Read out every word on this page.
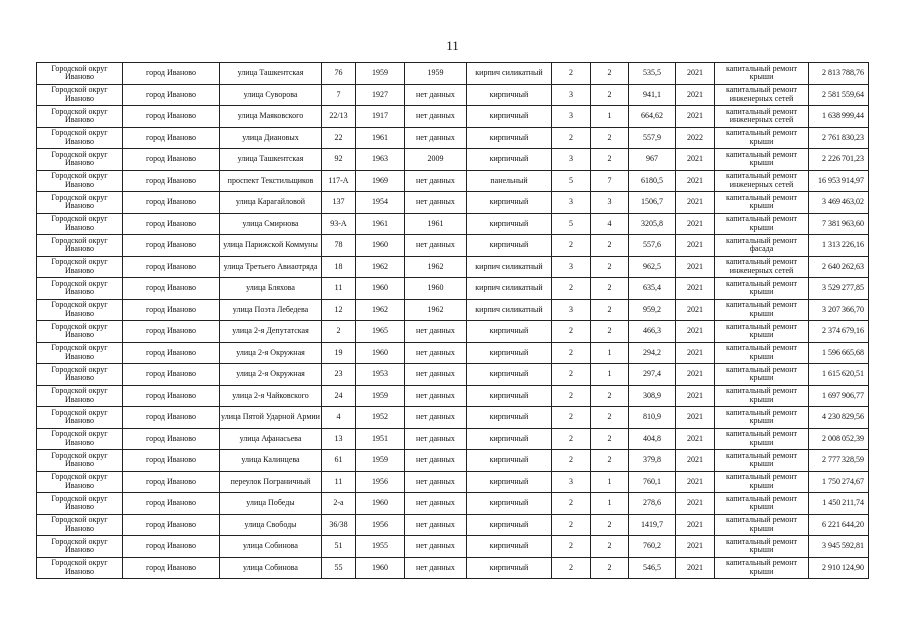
11
Городской округ Иваново	город Иваново	улица Ташкентская	76	1959	1959	кирпич силикатный	2	2	535,5	2021	капитальный ремонт крыши	2 813 788,76
Городской округ Иваново	город Иваново	улица Суворова	7	1927	нет данных	кирпичный	3	2	941,1	2021	капитальный ремонт инженерных сетей	2 581 559,64
Городской округ Иваново	город Иваново	улица Маяковского	22/13	1917	нет данных	кирпичный	3	1	664,62	2021	капитальный ремонт инженерных сетей	1 638 999,44
Городской округ Иваново	город Иваново	улица Диановых	22	1961	нет данных	кирпичный	2	2	557,9	2022	капитальный ремонт крыши	2 761 830,23
Городской округ Иваново	город Иваново	улица Ташкентская	92	1963	2009	кирпичный	3	2	967	2021	капитальный ремонт крыши	2 226 701,23
Городской округ Иваново	город Иваново	проспект Текстильщиков	117-А	1969	нет данных	панельный	5	7	6180,5	2021	капитальный ремонт инженерных сетей	16 953 914,97
Городской округ Иваново	город Иваново	улица Карагайловой	137	1954	нет данных	кирпичный	3	3	1506,7	2021	капитальный ремонт крыши	3 469 463,02
Городской округ Иваново	город Иваново	улица Смирнова	93-А	1961	1961	кирпичный	5	4	3205,8	2021	капитальный ремонт крыши	7 381 963,60
Городской округ Иваново	город Иваново	улица Парижской Коммуны	78	1960	нет данных	кирпичный	2	2	557,6	2021	капитальный ремонт фасада	1 313 226,16
Городской округ Иваново	город Иваново	улица Третьего Авиаотряда	18	1962	1962	кирпич силикатный	3	2	962,5	2021	капитальный ремонт инженерных сетей	2 640 262,63
Городской округ Иваново	город Иваново	улица Бляхова	11	1960	1960	кирпич силикатный	2	2	635,4	2021	капитальный ремонт крыши	3 529 277,85
Городской округ Иваново	город Иваново	улица Поэта Лебедева	12	1962	1962	кирпич силикатный	3	2	959,2	2021	капитальный ремонт крыши	3 207 366,70
Городской округ Иваново	город Иваново	улица 2-я Депутатская	2	1965	нет данных	кирпичный	2	2	466,3	2021	капитальный ремонт крыши	2 374 679,16
Городской округ Иваново	город Иваново	улица 2-я Окружная	19	1960	нет данных	кирпичный	2	1	294,2	2021	капитальный ремонт крыши	1 596 665,68
Городской округ Иваново	город Иваново	улица 2-я Окружная	23	1953	нет данных	кирпичный	2	1	297,4	2021	капитальный ремонт крыши	1 615 620,51
Городской округ Иваново	город Иваново	улица 2-я Чайковского	24	1959	нет данных	кирпичный	2	2	308,9	2021	капитальный ремонт крыши	1 697 906,77
Городской округ Иваново	город Иваново	улица Пятой Ударной Армии	4	1952	нет данных	кирпичный	2	2	810,9	2021	капитальный ремонт крыши	4 230 829,56
Городской округ Иваново	город Иваново	улица Афанасьева	13	1951	нет данных	кирпичный	2	2	404,8	2021	капитальный ремонт крыши	2 008 052,39
Городской округ Иваново	город Иваново	улица Калинцева	61	1959	нет данных	кирпичный	2	2	379,8	2021	капитальный ремонт крыши	2 777 328,59
Городской округ Иваново	город Иваново	переулок Пограничный	11	1956	нет данных	кирпичный	3	1	760,1	2021	капитальный ремонт крыши	1 750 274,67
Городской округ Иваново	город Иваново	улица Победы	2-а	1960	нет данных	кирпичный	2	1	278,6	2021	капитальный ремонт крыши	1 450 211,74
Городской округ Иваново	город Иваново	улица Свободы	36/38	1956	нет данных	кирпичный	2	2	1419,7	2021	капитальный ремонт крыши	6 221 644,20
Городской округ Иваново	город Иваново	улица Собинова	51	1955	нет данных	кирпичный	2	2	760,2	2021	капитальный ремонт крыши	3 945 592,81
Городской округ Иваново	город Иваново	улица Собинова	55	1960	нет данных	кирпичный	2	2	546,5	2021	капитальный ремонт крыши	2 910 124,90
